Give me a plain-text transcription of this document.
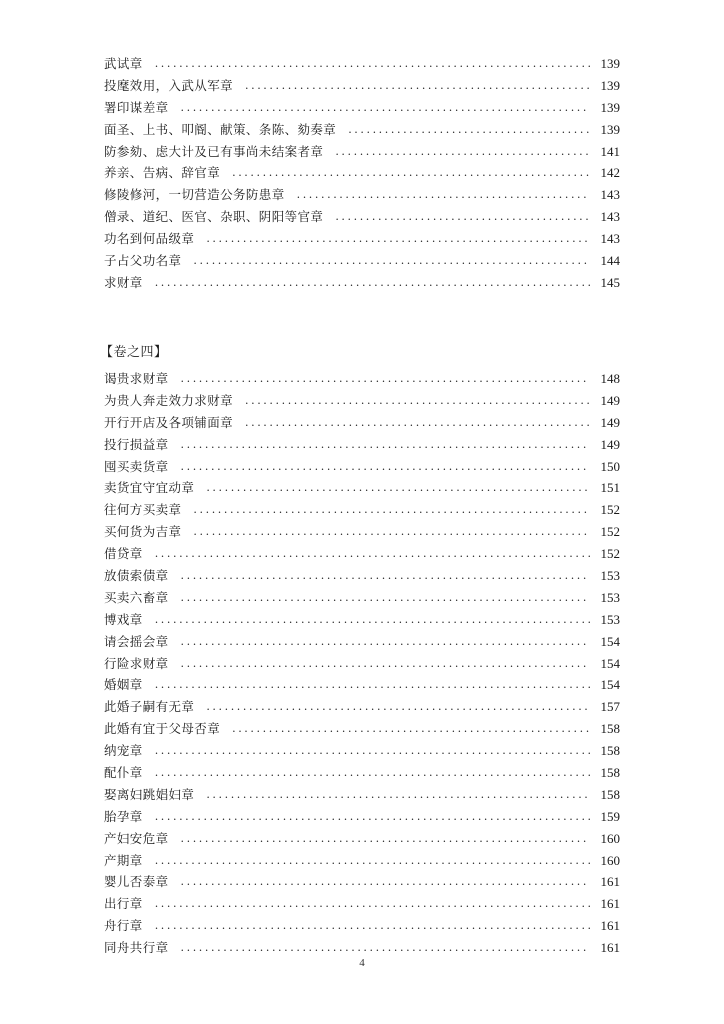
武试章 .....	139
投麾效用，入武从军章 .....	139
署印谋差章 .....	139
面圣、上书、叩阍、献策、条陈、劾奏章 .....	139
防参劾、虑大计及已有事尚未结案者章 .....	141
养亲、告病、辞官章 .....	142
修陵修河，一切营造公务防患章 .....	143
僧录、道纪、医官、杂职、阴阳等官章 .....	143
功名到何品级章 .....	143
子占父功名章 .....	144
求财章 .....	145
【卷之四】
谒贵求财章 .....	148
为贵人奔走效力求财章 .....	149
开行开店及各项铺面章 .....	149
投行损益章 .....	149
囤买卖货章 .....	150
卖货宜守宜动章 .....	151
往何方买卖章 .....	152
买何货为吉章 .....	152
借贷章 .....	152
放债索债章 .....	153
买卖六畜章 .....	153
博戏章 .....	153
请会摇会章 .....	154
行险求财章 .....	154
婚姻章 .....	154
此婚子嗣有无章 .....	157
此婚有宜于父母否章 .....	158
纳宠章 .....	158
配仆章 .....	158
娶离妇跳娼妇章 .....	158
胎孕章 .....	159
产妇安危章 .....	160
产期章 .....	160
婴儿否泰章 .....	161
出行章 .....	161
舟行章 .....	161
同舟共行章 .....	161
4
